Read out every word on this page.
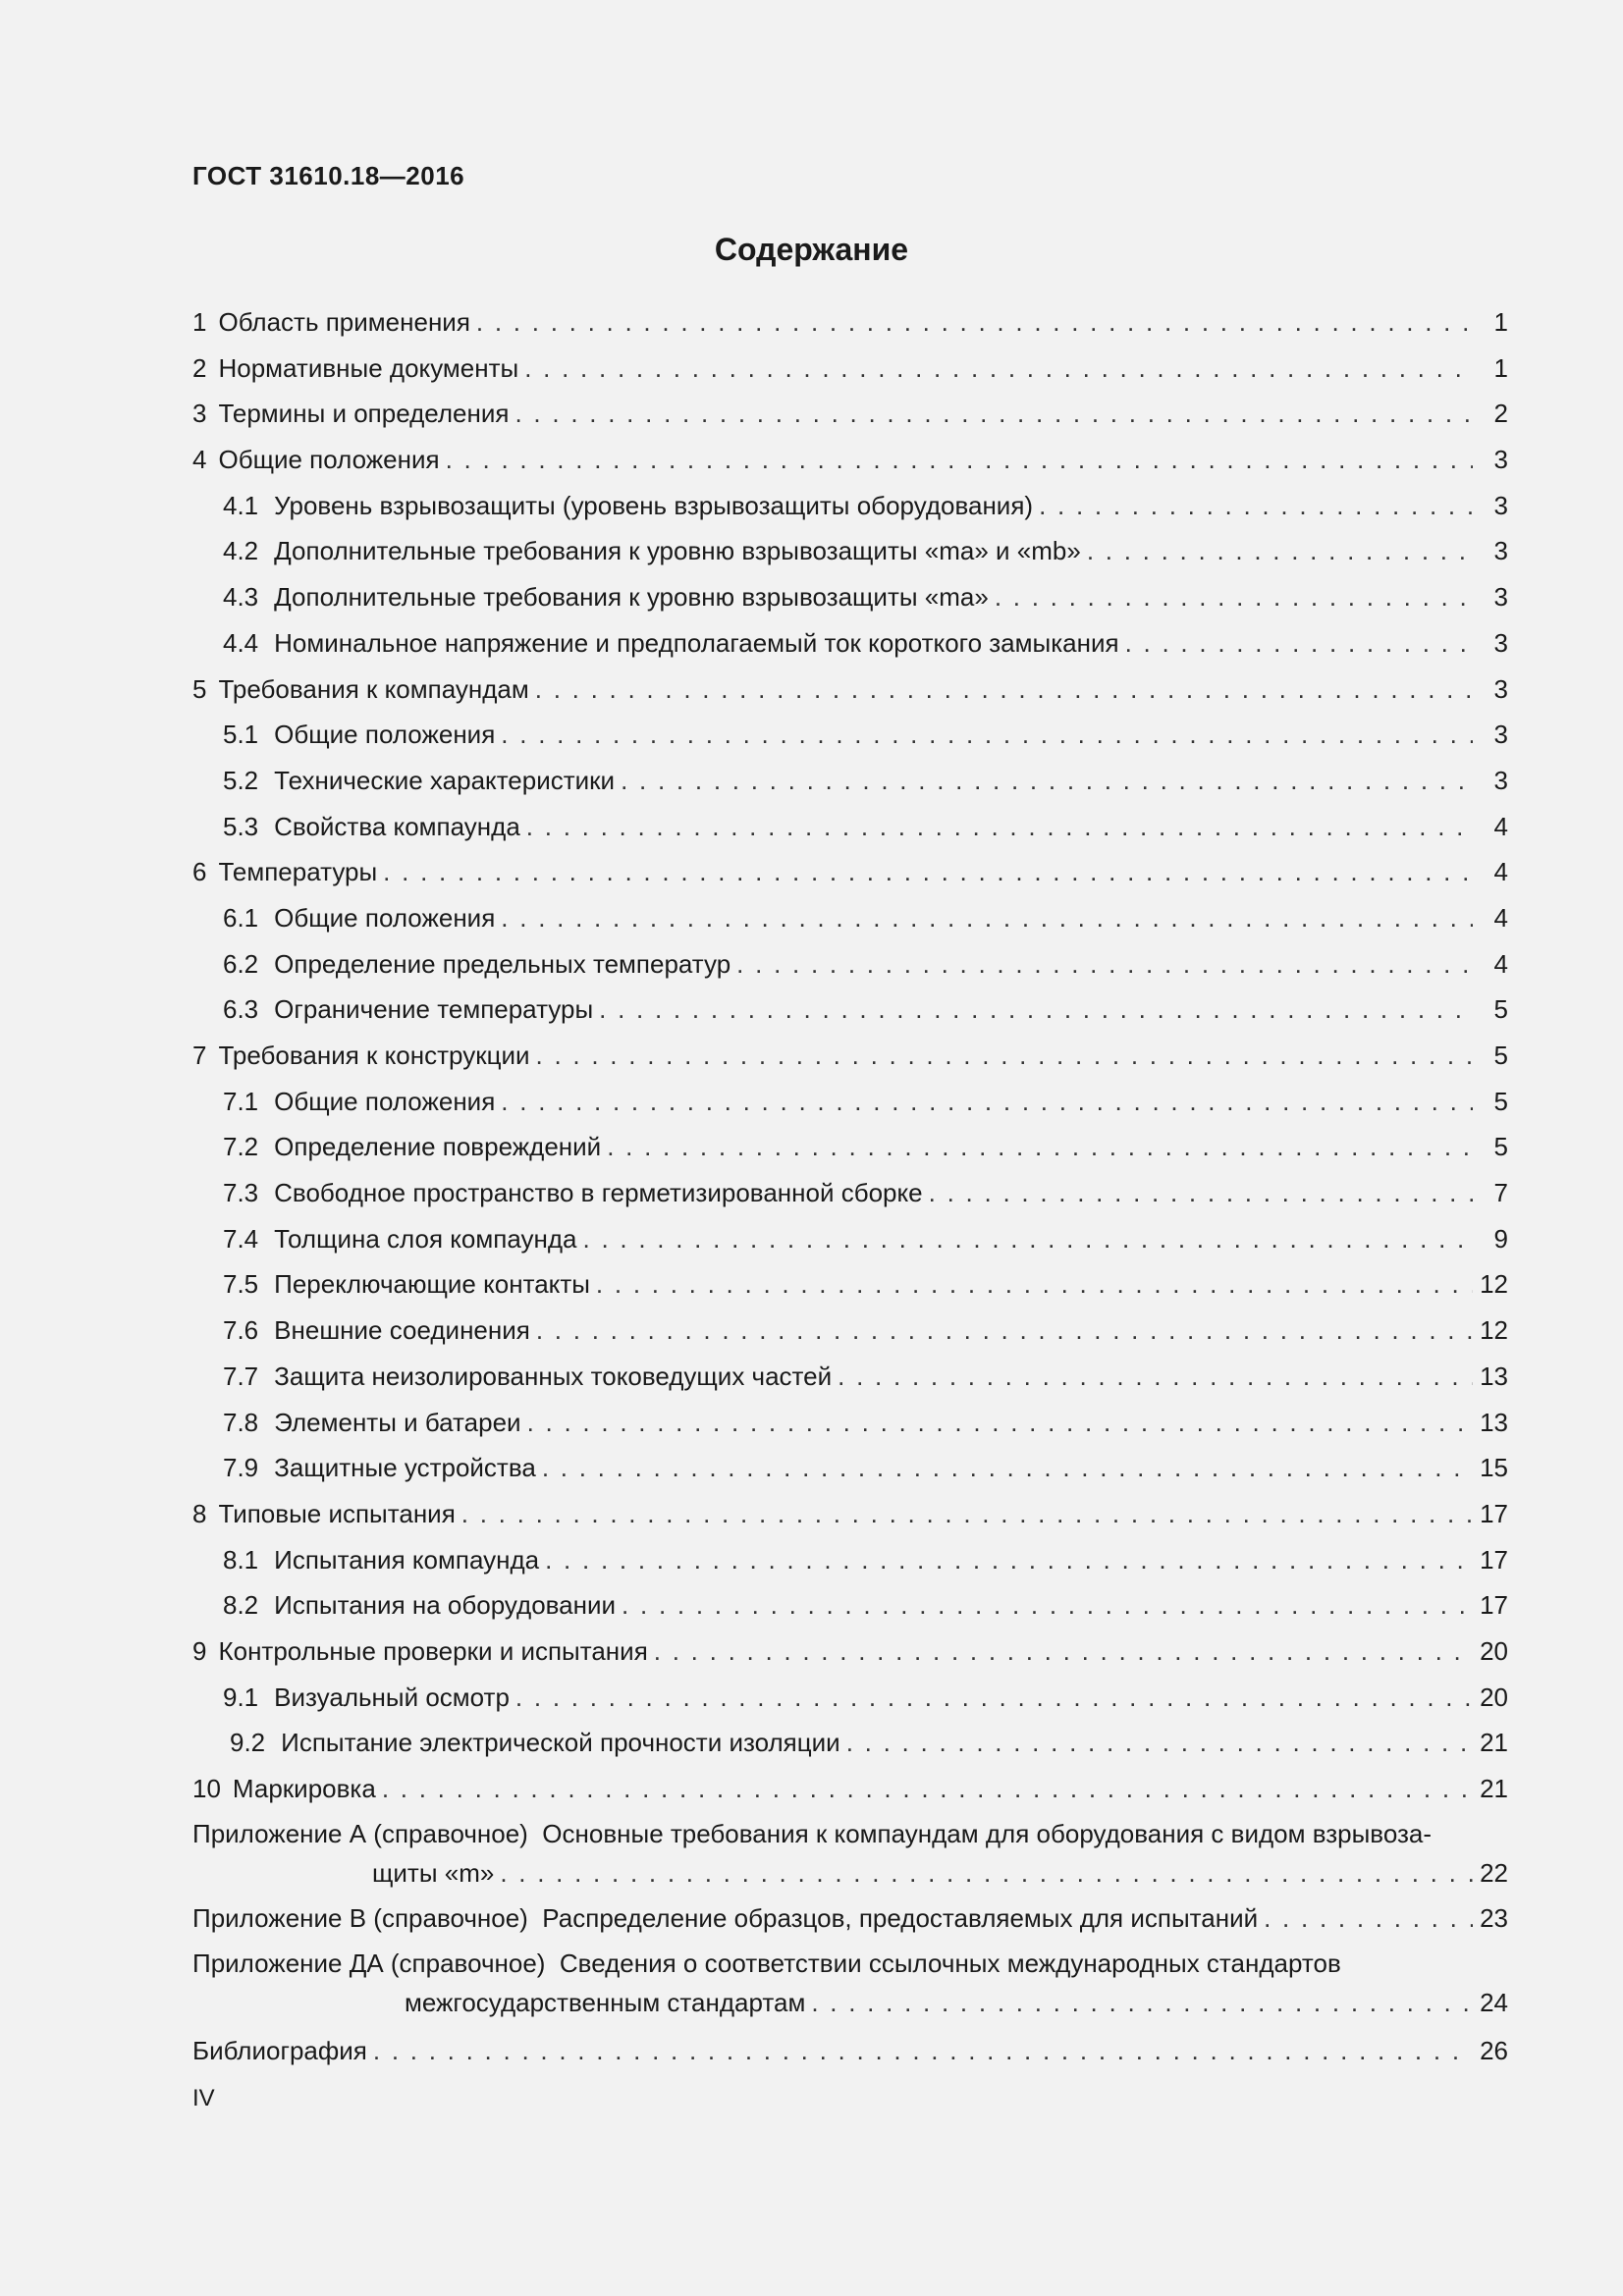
ГОСТ 31610.18—2016
Содержание
1 Область применения . . .	1
2 Нормативные документы . . .	1
3 Термины и определения . . .	2
4 Общие положения . . .	3
4.1 Уровень взрывозащиты (уровень взрывозащиты оборудования) . . .	3
4.2 Дополнительные требования к уровню взрывозащиты «ma» и «mb» . . .	3
4.3 Дополнительные требования к уровню взрывозащиты «ma» . . .	3
4.4 Номинальное напряжение и предполагаемый ток короткого замыкания . . .	3
5 Требования к компаундам . . .	3
5.1 Общие положения . . .	3
5.2 Технические характеристики . . .	3
5.3 Свойства компаунда . . .	4
6 Температуры . . .	4
6.1 Общие положения . . .	4
6.2 Определение предельных температур . . .	4
6.3 Ограничение температуры . . .	5
7 Требования к конструкции . . .	5
7.1 Общие положения . . .	5
7.2 Определение повреждений . . .	5
7.3 Свободное пространство в герметизированной сборке . . .	7
7.4 Толщина слоя компаунда . . .	9
7.5 Переключающие контакты . . .	12
7.6 Внешние соединения . . .	12
7.7 Защита неизолированных токоведущих частей . . .	13
7.8 Элементы и батареи . . .	13
7.9 Защитные устройства . . .	15
8 Типовые испытания . . .	17
8.1 Испытания компаунда . . .	17
8.2 Испытания на оборудовании . . .	17
9 Контрольные проверки и испытания . . .	20
9.1 Визуальный осмотр . . .	20
9.2 Испытание электрической прочности изоляции . . .	21
10 Маркировка . . .	21
Приложение А (справочное) Основные требования к компаундам для оборудования с видом взрывоза-
щиты «m» . . .	22
Приложение В (справочное)
Распределение образцов, предоставляемых для испытаний . . .	23
Приложение ДА (справочное) Сведения о соответствии ссылочных международных стандартов
межгосударственным стандартам . . .	24
Библиография . . .	26
IV
